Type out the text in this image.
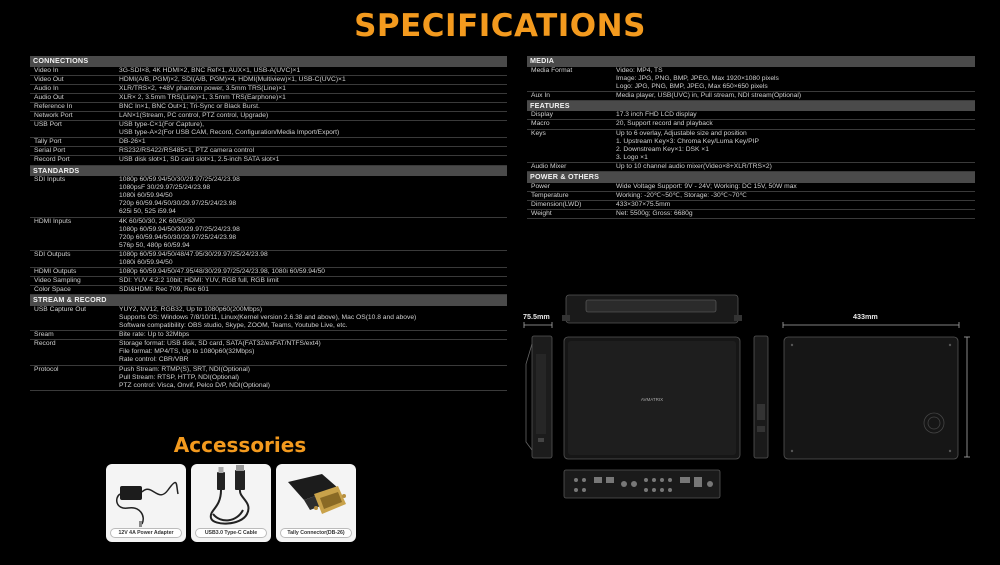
SPECIFICATIONS
CONNECTIONS
Video In	3G-SDI×8, 4K HDMI×2, BNC Ref×1, AUX×1, USB-A(UVC)×1
Video Out	HDMI(A/B, PGM)×2, SDI(A/B, PGM)×4, HDMI(Multiview)×1, USB-C(UVC)×1
Audio In	XLR/TRS×2, +48V phantom power, 3.5mm TRS(Line)×1
Audio Out	XLR× 2, 3.5mm TRS(Line)×1, 3.5mm TRS(Earphone)×1
Reference In	BNC In×1, BNC Out×1; Tri-Sync or Black Burst.
Network Port	LAN×1(Stream, PC control, PTZ control, Upgrade)
USB Port	USB type-C×1(For Capture),
USB type-A×2(For USB CAM, Record, Configuration/Media Import/Export)
Tally Port	DB-26×1
Serial Port	RS232/RS422/RS485×1, PTZ camera control
Record Port	USB disk slot×1, SD card slot×1, 2.5-inch SATA slot×1
STANDARDS
SDI Inputs	1080p 60/59.94/50/30/29.97/25/24/23.98
1080psF 30/29.97/25/24/23.98
1080i 60/59.94/50
720p 60/59.94/50/30/29.97/25/24/23.98
625i 50, 525 i59.94
HDMI Inputs	4K 60/50/30, 2K 60/50/30
1080p 60/59.94/50/30/29.97/25/24/23.98
720p 60/59.94/50/30/29.97/25/24/23.98
576p 50, 480p 60/59.94
SDI Outputs	1080p 60/59.94/50/48/47.95/30/29.97/25/24/23.98
1080i 60/59.94/50
HDMI Outputs	1080p 60/59.94/50/47.95/48/30/29.97/25/24/23.98, 1080i 60/59.94/50
Video Sampling	SDI: YUV 4:2:2 10bit; HDMI: YUV, RGB full, RGB limit
Color Space	SDI&HDMI: Rec 709, Rec 601
STREAM & RECORD
USB Capture Out	YUY2, NV12, RGB32, Up to 1080p60(200Mbps)
Supports OS: Windows 7/8/10/11, Linux(Kernel version 2.6.38 and above), Mac OS(10.8 and above)
Software compatibility: OBS studio, Skype, ZOOM, Teams, Youtube Live, etc.
Sream	Bite rate: Up to 32Mbps
Record	Storage format: USB disk, SD card, SATA(FAT32/exFAT/NTFS/ext4)
File format: MP4/TS, Up to 1080p60(32Mbps)
Rate control: CBR/VBR
Protocol	Push Stream: RTMP(S), SRT, NDI(Optional)
Pull Stream: RTSP, HTTP, NDI(Optional)
PTZ control: Visca, Onvif, Pelco D/P, NDI(Optional)
MEDIA
Media Format	Video: MP4, TS
Image: JPG, PNG, BMP, JPEG, Max 1920×1080 pixels
Logo: JPG, PNG, BMP, JPEG, Max 650×650 pixels
Aux In	Media player, USB(UVC) in, Pull stream, NDI stream(Optional)
FEATURES
Display	17.3 inch FHD LCD display
Macro	20, Support record and playback
Keys	Up to 6 overlay, Adjustable size and position
1. Upstream Key×3: Chroma Key/Luma Key/PIP
2. Downstream Key×1: DSK ×1
3. Logo ×1
Audio Mixer	Up to 10 channel audio mixer(Video×8+XLR/TRS×2)
POWER & OTHERS
Power	Wide Voltage Support: 9V - 24V; Working: DC 15V, 50W max
Temperature	Working: -20℃~50℃, Storage: -30℃~70℃
Dimension(LWD)	433×307×75.5mm
Weight	Net: 5500g; Gross: 6680g
Accessories
12V 4A Power Adapter	USB3.0 Type-C Cable	Tally Connector(DB-26)
75.5mm	433mm
AVMATRIX
